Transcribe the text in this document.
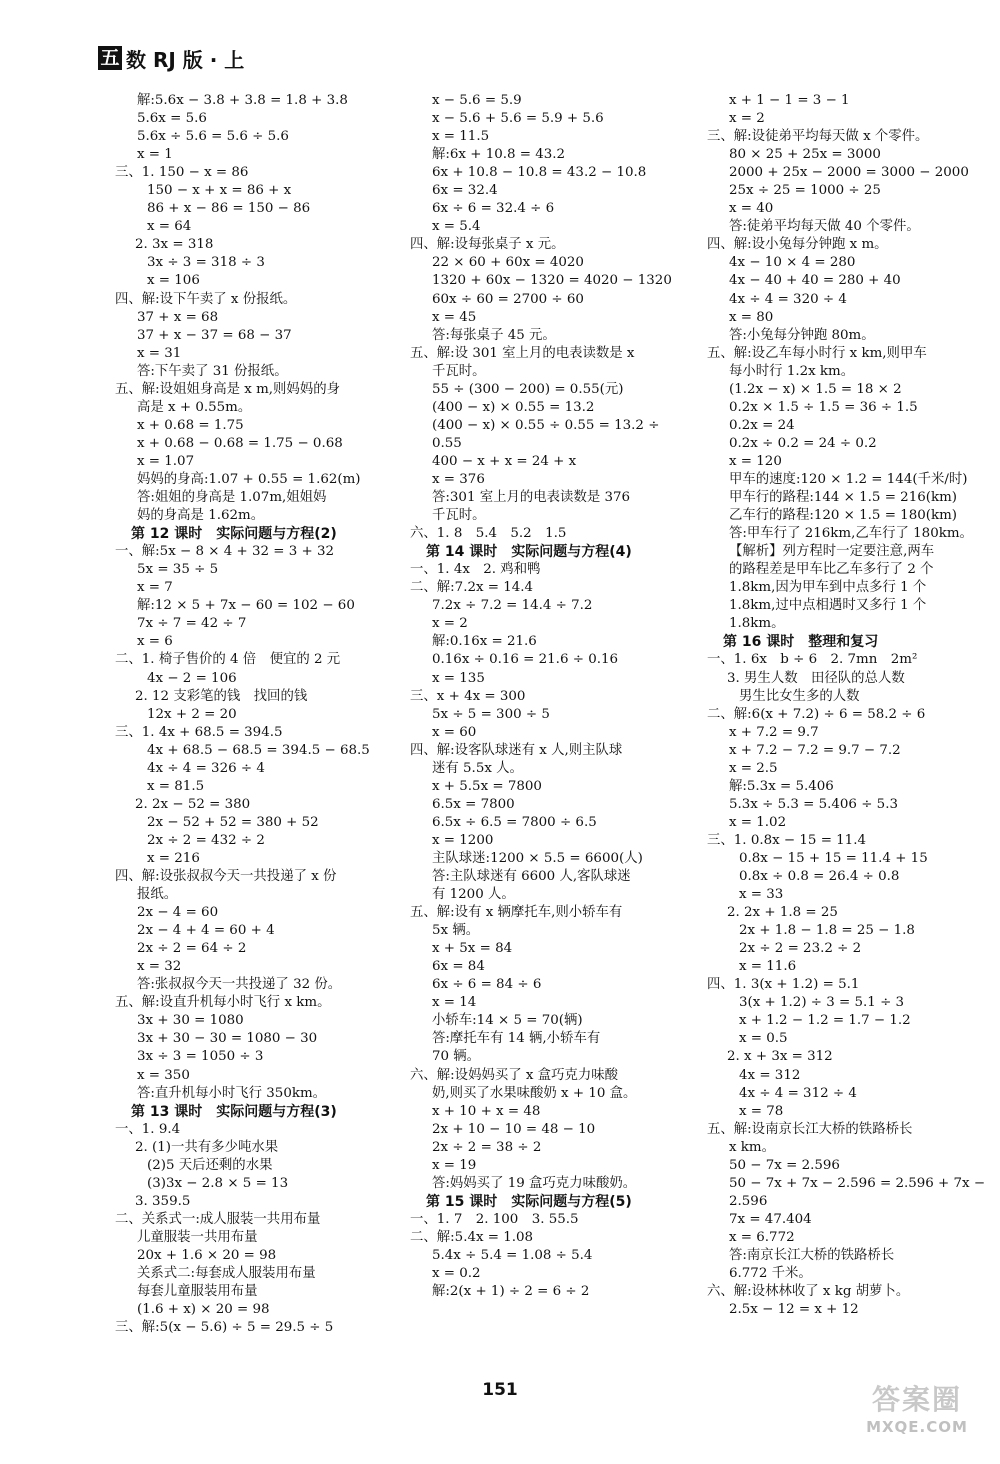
五 数 RJ 版 · 上
解:5.6x − 3.8 + 3.8 = 1.8 + 3.8
5.6x = 5.6
5.6x ÷ 5.6 = 5.6 ÷ 5.6
x = 1
三、1. 150 − x = 86
150 − x + x = 86 + x
86 + x − 86 = 150 − 86
x = 64
2. 3x = 318
3x ÷ 3 = 318 ÷ 3
x = 106
四、解:设下午卖了 x 份报纸。
37 + x = 68
37 + x − 37 = 68 − 37
x = 31
答:下午卖了 31 份报纸。
五、解:设姐姐身高是 x m,则妈妈的身
高是 x + 0.55m。
x + 0.68 = 1.75
x + 0.68 − 0.68 = 1.75 − 0.68
x = 1.07
妈妈的身高:1.07 + 0.55 = 1.62(m)
答:姐姐的身高是 1.07m,姐姐妈
妈的身高是 1.62m。
第 12 课时　实际问题与方程(2)
一、解:5x − 8 × 4 + 32 = 3 + 32
5x = 35 ÷ 5
x = 7
解:12 × 5 + 7x − 60 = 102 − 60
7x ÷ 7 = 42 ÷ 7
x = 6
二、1. 椅子售价的 4 倍　便宜的 2 元
4x − 2 = 106
2. 12 支彩笔的钱　找回的钱
12x + 2 = 20
三、1. 4x + 68.5 = 394.5
4x + 68.5 − 68.5 = 394.5 − 68.5
4x ÷ 4 = 326 ÷ 4
x = 81.5
2. 2x − 52 = 380
2x − 52 + 52 = 380 + 52
2x ÷ 2 = 432 ÷ 2
x = 216
四、解:设张叔叔今天一共投递了 x 份
报纸。
2x − 4 = 60
2x − 4 + 4 = 60 + 4
2x ÷ 2 = 64 ÷ 2
x = 32
答:张叔叔今天一共投递了 32 份。
五、解:设直升机每小时飞行 x km。
3x + 30 = 1080
3x + 30 − 30 = 1080 − 30
3x ÷ 3 = 1050 ÷ 3
x = 350
答:直升机每小时飞行 350km。
第 13 课时　实际问题与方程(3)
一、1. 9.4
2. (1)一共有多少吨水果
(2)5 天后还剩的水果
(3)3x − 2.8 × 5 = 13
3. 359.5
二、关系式一:成人服装一共用布量
儿童服装一共用布量
20x + 1.6 × 20 = 98
关系式二:每套成人服装用布量
每套儿童服装用布量
(1.6 + x) × 20 = 98
三、解:5(x − 5.6) ÷ 5 = 29.5 ÷ 5
x − 5.6 = 5.9
x − 5.6 + 5.6 = 5.9 + 5.6
x = 11.5
解:6x + 10.8 = 43.2
6x + 10.8 − 10.8 = 43.2 − 10.8
6x = 32.4
6x ÷ 6 = 32.4 ÷ 6
x = 5.4
四、解:设每张桌子 x 元。
22 × 60 + 60x = 4020
1320 + 60x − 1320 = 4020 − 1320
60x ÷ 60 = 2700 ÷ 60
x = 45
答:每张桌子 45 元。
五、解:设 301 室上月的电表读数是 x
千瓦时。
55 ÷ (300 − 200) = 0.55(元)
(400 − x) × 0.55 = 13.2
(400 − x) × 0.55 ÷ 0.55 = 13.2 ÷
0.55
400 − x + x = 24 + x
x = 376
答:301 室上月的电表读数是 376
千瓦时。
六、1. 8　5.4　5.2　1.5
第 14 课时　实际问题与方程(4)
一、1. 4x　2. 鸡和鸭
二、解:7.2x = 14.4
7.2x ÷ 7.2 = 14.4 ÷ 7.2
x = 2
解:0.16x = 21.6
0.16x ÷ 0.16 = 21.6 ÷ 0.16
x = 135
三、x + 4x = 300
5x ÷ 5 = 300 ÷ 5
x = 60
四、解:设客队球迷有 x 人,则主队球
迷有 5.5x 人。
x + 5.5x = 7800
6.5x = 7800
6.5x ÷ 6.5 = 7800 ÷ 6.5
x = 1200
主队球迷:1200 × 5.5 = 6600(人)
答:主队球迷有 6600 人,客队球迷
有 1200 人。
五、解:设有 x 辆摩托车,则小轿车有
5x 辆。
x + 5x = 84
6x = 84
6x ÷ 6 = 84 ÷ 6
x = 14
小轿车:14 × 5 = 70(辆)
答:摩托车有 14 辆,小轿车有
70 辆。
六、解:设妈妈买了 x 盒巧克力味酸
奶,则买了水果味酸奶 x + 10 盒。
x + 10 + x = 48
2x + 10 − 10 = 48 − 10
2x ÷ 2 = 38 ÷ 2
x = 19
答:妈妈买了 19 盒巧克力味酸奶。
第 15 课时　实际问题与方程(5)
一、1. 7　2. 100　3. 55.5
二、解:5.4x = 1.08
5.4x ÷ 5.4 = 1.08 ÷ 5.4
x = 0.2
解:2(x + 1) ÷ 2 = 6 ÷ 2
x + 1 − 1 = 3 − 1
x = 2
三、解:设徒弟平均每天做 x 个零件。
80 × 25 + 25x = 3000
2000 + 25x − 2000 = 3000 − 2000
25x ÷ 25 = 1000 ÷ 25
x = 40
答:徒弟平均每天做 40 个零件。
四、解:设小兔每分钟跑 x m。
4x − 10 × 4 = 280
4x − 40 + 40 = 280 + 40
4x ÷ 4 = 320 ÷ 4
x = 80
答:小兔每分钟跑 80m。
五、解:设乙车每小时行 x km,则甲车
每小时行 1.2x km。
(1.2x − x) × 1.5 = 18 × 2
0.2x × 1.5 ÷ 1.5 = 36 ÷ 1.5
0.2x = 24
0.2x ÷ 0.2 = 24 ÷ 0.2
x = 120
甲车的速度:120 × 1.2 = 144(千米/时)
甲车行的路程:144 × 1.5 = 216(km)
乙车行的路程:120 × 1.5 = 180(km)
答:甲车行了 216km,乙车行了 180km。
【解析】列方程时一定要注意,两车
的路程差是甲车比乙车多行了 2 个
1.8km,因为甲车到中点多行 1 个
1.8km,过中点相遇时又多行 1 个
1.8km。
第 16 课时　整理和复习
一、1. 6x　b ÷ 6　2. 7mn　2m²
3. 男生人数　田径队的总人数
男生比女生多的人数
二、解:6(x + 7.2) ÷ 6 = 58.2 ÷ 6
x + 7.2 = 9.7
x + 7.2 − 7.2 = 9.7 − 7.2
x = 2.5
解:5.3x = 5.406
5.3x ÷ 5.3 = 5.406 ÷ 5.3
x = 1.02
三、1. 0.8x − 15 = 11.4
0.8x − 15 + 15 = 11.4 + 15
0.8x ÷ 0.8 = 26.4 ÷ 0.8
x = 33
2. 2x + 1.8 = 25
2x + 1.8 − 1.8 = 25 − 1.8
2x ÷ 2 = 23.2 ÷ 2
x = 11.6
四、1. 3(x + 1.2) = 5.1
3(x + 1.2) ÷ 3 = 5.1 ÷ 3
x + 1.2 − 1.2 = 1.7 − 1.2
x = 0.5
2. x + 3x = 312
4x = 312
4x ÷ 4 = 312 ÷ 4
x = 78
五、解:设南京长江大桥的铁路桥长
x km。
50 − 7x = 2.596
50 − 7x + 7x − 2.596 = 2.596 + 7x −
2.596
7x = 47.404
x = 6.772
答:南京长江大桥的铁路桥长
6.772 千米。
六、解:设林林收了 x kg 胡萝卜。
2.5x − 12 = x + 12
151	答案圈
MXQE.COM
